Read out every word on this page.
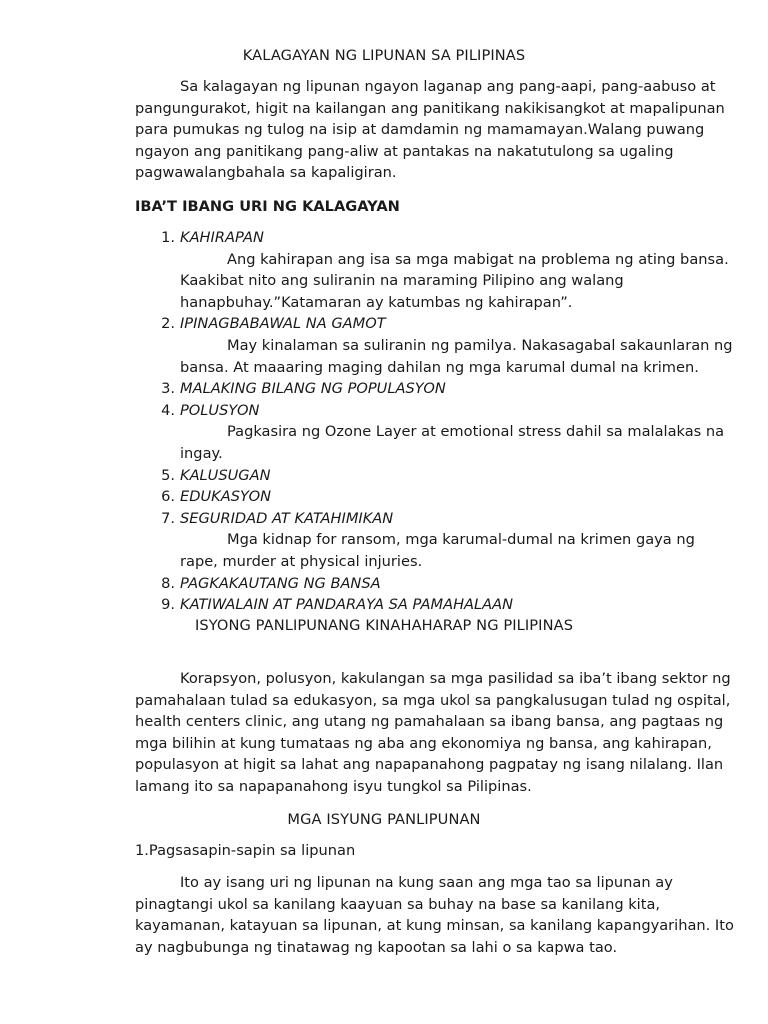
KALAGAYAN NG LIPUNAN SA PILIPINAS

Sa kalagayan ng lipunan ngayon laganap ang pang-aapi, pang-aabuso at pangungurakot, higit na kailangan ang panitikang nakikisangkot at mapalipunan para pumukas ng tulog na isip at damdamin ng mamamayan.Walang puwang ngayon ang panitikang pang-aliw at pantakas na nakatutulong sa ugaling pagwawalangbahala sa kapaligiran.

IBA’T IBANG URI NG KALAGAYAN

1. KAHIRAPAN

Ang kahirapan ang isa sa mga mabigat na problema ng ating bansa. Kaakibat nito ang suliranin na maraming Pilipino ang walang hanapbuhay.”Katamaran ay katumbas ng kahirapan”.

2. IPINAGBABAWAL NA GAMOT

May kinalaman sa suliranin ng pamilya. Nakasagabal sakaunlaran ng bansa. At maaaring maging dahilan ng mga karumal dumal na krimen.

3. MALAKING BILANG NG POPULASYON
4. POLUSYON

Pagkasira ng Ozone Layer at emotional stress dahil sa malalakas na ingay.

5. KALUSUGAN
6. EDUKASYON
7. SEGURIDAD AT KATAHIMIKAN

Mga kidnap for ransom, mga karumal-dumal na krimen gaya ng rape, murder at physical injuries.

8. PAGKAKAUTANG NG BANSA
9. KATIWALAIN AT PANDARAYA SA PAMAHALAAN

ISYONG PANLIPUNANG KINAHAHARAP NG PILIPINAS

Korapsyon, polusyon, kakulangan sa mga pasilidad sa iba’t ibang sektor ng pamahalaan tulad sa edukasyon, sa mga ukol sa pangkalusugan tulad ng ospital, health centers clinic, ang utang ng pamahalaan sa ibang bansa, ang pagtaas ng mga bilihin at kung tumataas ng aba ang ekonomiya ng bansa, ang kahirapan, populasyon at higit sa lahat ang napapanahong pagpatay ng isang nilalang. Ilan lamang ito sa napapanahong isyu tungkol sa Pilipinas.

MGA ISYUNG PANLIPUNAN

1.Pagsasapin-sapin sa lipunan

Ito ay isang uri ng lipunan na kung saan ang mga tao sa lipunan ay pinagtangi ukol sa kanilang kaayuan sa buhay na base sa kanilang kita, kayamanan, katayuan sa lipunan, at kung minsan, sa kanilang kapangyarihan. Ito ay nagbubunga ng tinatawag ng kapootan sa lahi o sa kapwa tao.
